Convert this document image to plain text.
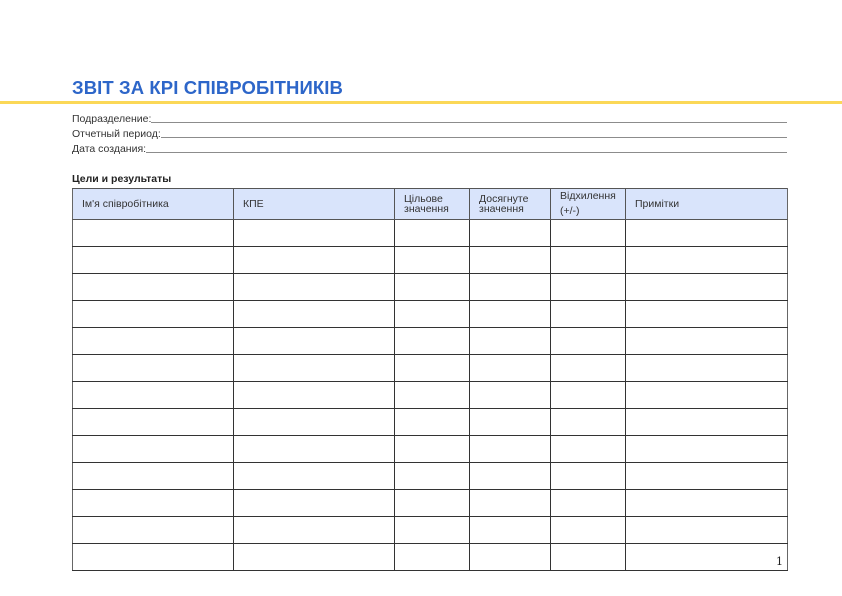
ЗВІТ ЗА КРІ СПІВРОБІТНИКІВ
Подразделение:
Отчетный период:
Дата создания:
Цели и результаты
Ім'я співробітника	КПЕ	Цільове значення	Досягнуте значення	Відхилення (+/-)	Примітки

1
